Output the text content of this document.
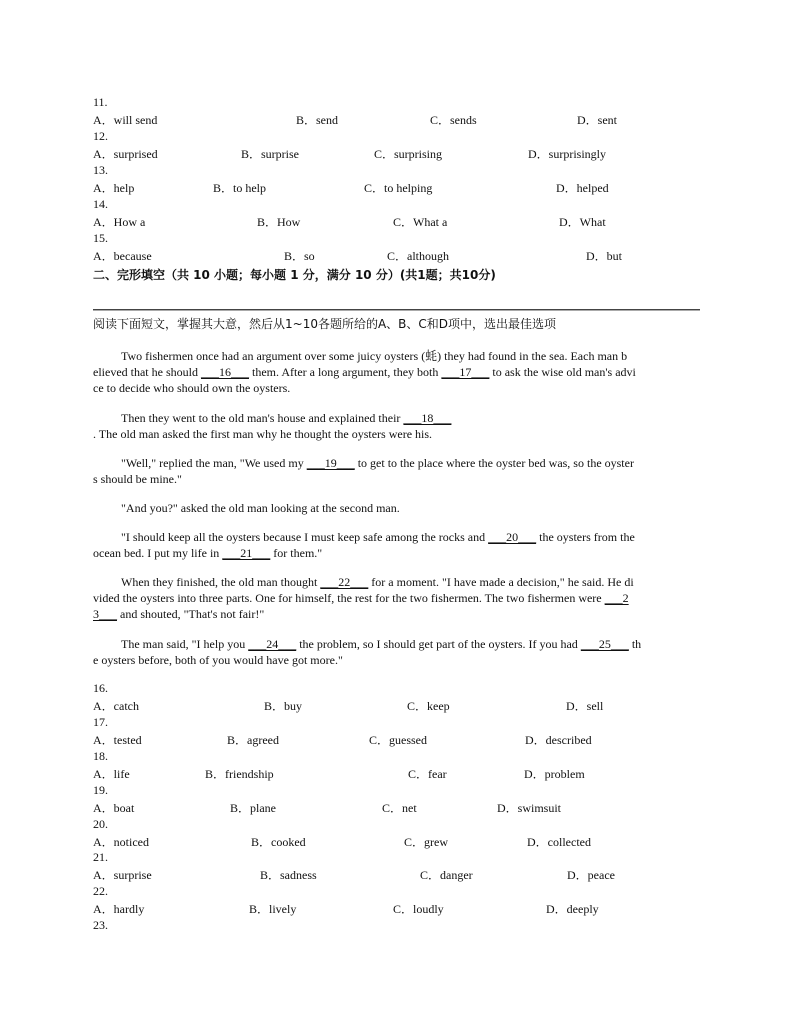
11.
A．will send	B．send	C．sends	D．sent
12.
A．surprised	B．surprise	C．surprising	D．surprisingly
13.
A．help	B．to help	C．to helping	D．helped
14.
A．How a	B．How	C．What a	D．What
15.
A．because	B．so	C．although	D．but
二、完形填空（共 10 小题；每小题 1 分，满分 10 分）(共1题；共10分)
阅读下面短文，掌握其大意，然后从1~10各题所给的A、B、C和D项中，选出最佳选项
Two fishermen once had an argument over some juicy oysters (蚝) they had found in the sea. Each man b
elieved that he should ___16___ them. After a long argument, they both ___17___ to ask the wise old man's advi
ce to decide who should own the oysters.
Then they went to the old man's house and explained their ___18___
. The old man asked the first man why he thought the oysters were his.
"Well," replied the man, "We used my ___19___ to get to the place where the oyster bed was, so the oyster
s should be mine."
"And you?" asked the old man looking at the second man.
"I should keep all the oysters because I must keep safe among the rocks and ___20___ the oysters from the
ocean bed. I put my life in ___21___ for them."
When they finished, the old man thought ___22___ for a moment. "I have made a decision," he said. He di
vided the oysters into three parts. One for himself, the rest for the two fishermen. The two fishermen were ___2
3___ and shouted, "That's not fair!"
The man said, "I help you ___24___ the problem, so I should get part of the oysters. If you had ___25___ th
e oysters before, both of you would have got more."
16.
A．catch	B．buy	C．keep	D．sell
17.
A．tested	B．agreed	C．guessed	D．described
18.
A．life	B．friendship	C．fear	D．problem
19.
A．boat	B．plane	C．net	D．swimsuit
20.
A．noticed	B．cooked	C．grew	D．collected
21.
A．surprise	B．sadness	C．danger	D．peace
22.
A．hardly	B．lively	C．loudly	D．deeply
23.
